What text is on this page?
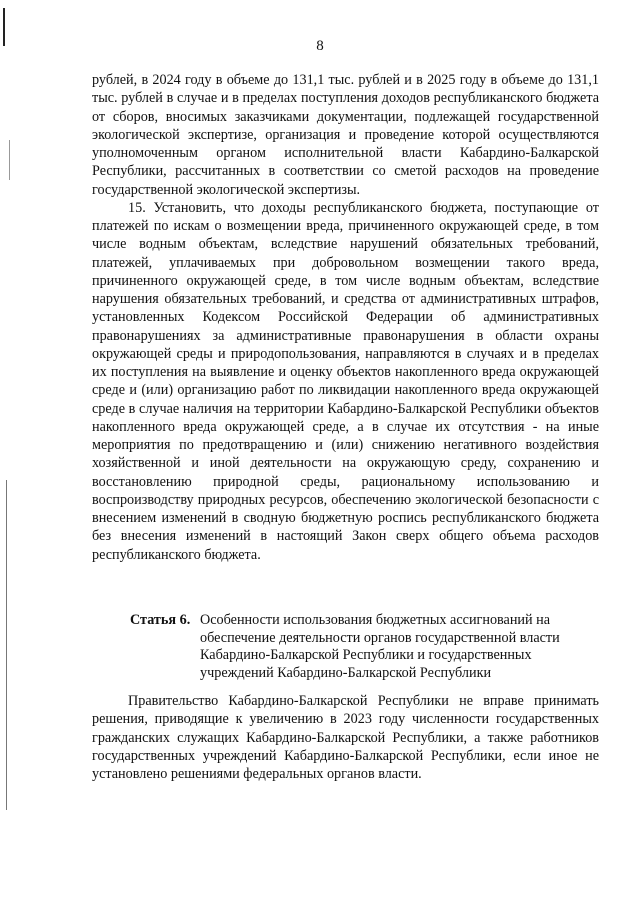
8

рублей, в 2024 году в объеме до 131,1 тыс. рублей и в 2025 году в объеме до 131,1 тыс. рублей в случае и в пределах поступления доходов республиканского бюджета от сборов, вносимых заказчиками документации, подлежащей государственной экологической экспертизе, организация и проведение которой осуществляются уполномоченным органом исполнительной власти Кабардино-Балкарской Республики, рассчитанных в соответствии со сметой расходов на проведение государственной экологической экспертизы.

15. Установить, что доходы республиканского бюджета, поступающие от платежей по искам о возмещении вреда, причиненного окружающей среде, в том числе водным объектам, вследствие нарушений обязательных требований, платежей, уплачиваемых при добровольном возмещении такого вреда, причиненного окружающей среде, в том числе водным объектам, вследствие нарушения обязательных требований, и средства от административных штрафов, установленных Кодексом Российской Федерации об административных правонарушениях за административные правонарушения в области охраны окружающей среды и природопользования, направляются в случаях и в пределах их поступления на выявление и оценку объектов накопленного вреда окружающей среде и (или) организацию работ по ликвидации накопленного вреда окружающей среде в случае наличия на территории Кабардино-Балкарской Республики объектов накопленного вреда окружающей среде, а в случае их отсутствия - на иные мероприятия по предотвращению и (или) снижению негативного воздействия хозяйственной и иной деятельности на окружающую среду, сохранению и восстановлению природной среды, рациональному использованию и воспроизводству природных ресурсов, обеспечению экологической безопасности с внесением изменений в сводную бюджетную роспись республиканского бюджета без внесения изменений в настоящий Закон сверх общего объема расходов республиканского бюджета.

Статья 6. Особенности использования бюджетных ассигнований на обеспечение деятельности органов государственной власти Кабардино-Балкарской Республики и государственных учреждений Кабардино-Балкарской Республики

Правительство Кабардино-Балкарской Республики не вправе принимать решения, приводящие к увеличению в 2023 году численности государственных гражданских служащих Кабардино-Балкарской Республики, а также работников государственных учреждений Кабардино-Балкарской Республики, если иное не установлено решениями федеральных органов власти.
